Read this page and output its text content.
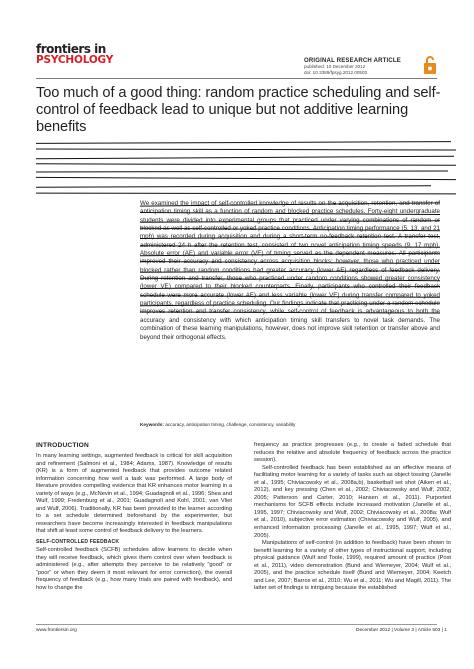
frontiers in
PSYCHOLOGY	ORIGINAL RESEARCH ARTICLE
published: 10 December 2012
doi: 10.3389/fpsyg.2012.00503
Too much of a good thing: random practice scheduling and self-control of feedback lead to unique but not additive learning benefits

We examined the impact of self-controlled knowledge of results on the acquisition, retention, and transfer of anticipation timing skill as a function of random and blocked practice schedules. Forty-eight undergraduate students were divided into experimental groups that practiced under varying combinations of random or blocked as well as self-controlled or yoked practice conditions. Anticipation timing performance (5, 13, and 21 mph) was recorded during acquisition and during a short-term no-feedback retention test. A transfer test, administered 24 h after the retention test, consisted of two novel anticipation timing speeds (9, 17 mph). Absolute error (AE) and variable error (VE) of timing served as the dependent measures. All participants improved their accuracy and consistency across acquisition blocks; however, those who practiced under blocked rather than random conditions had greater accuracy (lower AE) regardless of feedback delivery. During retention and transfer, those who practiced under random conditions showed greater consistency (lower VE) compared to their blocked counterparts. Finally, participants who controlled their feedback schedule were more accurate (lower AE) and less variable (lower VE) during transfer compared to yoked participants, regardless of practice scheduling. Our findings indicate that practicing under a random schedule improves retention and transfer consistency, while self-control of feedback is advantageous to both the accuracy and consistency with which anticipation timing skill transfers to novel task demands. The combination of these learning manipulations, however, does not improve skill retention or transfer above and beyond their orthogonal effects.

Keywords: accuracy, anticipation timing, challenge, consistency, variability
INTRODUCTION

In many learning settings, augmented feedback is critical for skill acquisition and refinement (Salmoni et al., 1984; Adams, 1987). Knowledge of results (KR) is a form of augmented feedback that provides outcome related information concerning how well a task was performed. A large body of literature provides compelling evidence that KR enhances motor learning in a variety of ways (e.g., McNevin et al., 1994; Guadagnoli et al., 1996; Shea and Wulf, 1999; Fredenburg et al., 2001; Guadagnoli and Kohl, 2001; van Vliet and Wulf, 2006). Traditionally, KR has been provided to the learner according to a set schedule determined beforehand by the experimenter, but researchers have become increasingly interested in feedback manipulations that shift at least some control of feedback delivery to the learners.

SELF-CONTROLLED FEEDBACK

Self-controlled feedback (SCFB) schedules allow learners to decide when they will receive feedback, which gives them control over when feedback is administered (e.g., after attempts they perceive to be relatively “good” or “poor” or when they deem it most relevant for error correction), the overall frequency of feedback (e.g., how many trials are paired with feedback), and how to change the

frequency as practice progresses (e.g., to create a faded schedule that reduces the relative and absolute frequency of feedback across the practice session).

Self-controlled feedback has been established as an effective means of facilitating motor learning for a variety of tasks such as object tossing (Janelle et al., 1995; Chiviacowsky et al., 2008a,b), basketball set shot (Aiken et al., 2012), and key pressing (Chen et al., 2002; Chiviacowsky and Wulf, 2002, 2005; Patterson and Carter, 2010; Hansen et al., 2011). Purported mechanisms for SCFB effects include increased motivation (Janelle et al., 1995, 1997; Chiviacowsky and Wulf, 2002; Chiviacowsky et al., 2008a; Wulf et al., 2010), subjective error estimation (Chiviacowsky and Wulf, 2005), and enhanced information processing (Janelle et al., 1995, 1997; Wulf et al., 2005).

Manipulations of self-control (in addition to feedback) have been shown to benefit learning for a variety of other types of instructional support, including physical guidance (Wulf and Toole, 1999), required amount of practice (Post et al., 2011), video demonstration (Bund and Wiemeyer, 2004; Wulf et al., 2005), and the practice schedule itself (Bund and Wiemeyer, 2004; Keetch and Lee, 2007; Barros et al., 2010; Wu et al., 2011; Wu and Magill, 2011). The latter set of findings is intriguing because the established

www.frontiersin.org	December 2012 | Volume 3 | Article 503 | 1
